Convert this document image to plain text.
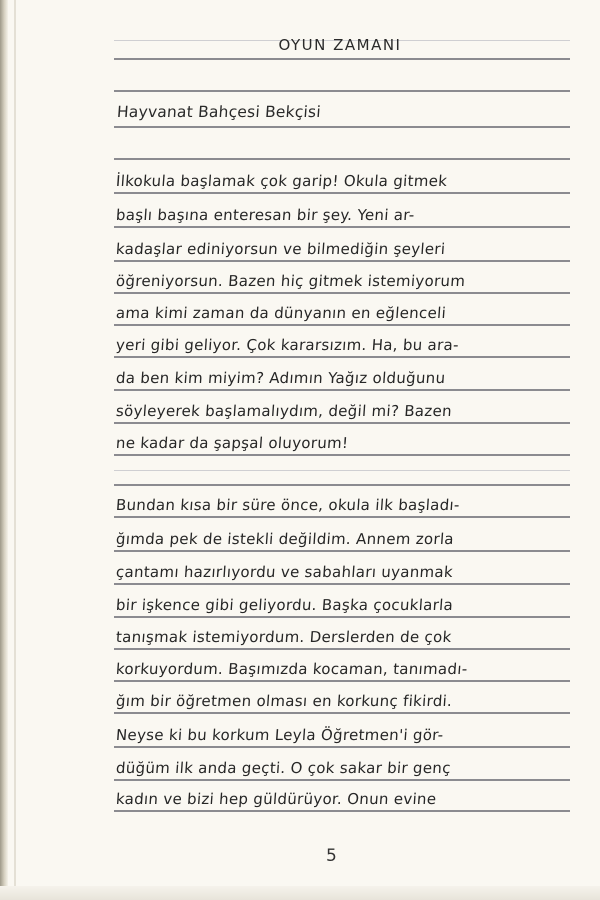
OYUN ZAMANI
Hayvanat Bahçesi Bekçisi
İlkokula başlamak çok garip! Okula gitmek
başlı başına enteresan bir şey. Yeni ar-
kadaşlar ediniyorsun ve bilmediğin şeyleri
öğreniyorsun. Bazen hiç gitmek istemiyorum
ama kimi zaman da dünyanın en eğlenceli
yeri gibi geliyor. Çok kararsızım. Ha, bu ara-
da ben kim miyim? Adımın Yağız olduğunu
söyleyerek başlamalıydım, değil mi? Bazen
ne kadar da şapşal oluyorum!
Bundan kısa bir süre önce, okula ilk başladı-
ğımda pek de istekli değildim. Annem zorla
çantamı hazırlıyordu ve sabahları uyanmak
bir işkence gibi geliyordu. Başka çocuklarla
tanışmak istemiyordum. Derslerden de çok
korkuyordum. Başımızda kocaman, tanımadı-
ğım bir öğretmen olması en korkunç fikirdi.
Neyse ki bu korkum Leyla Öğretmen'i gör-
düğüm ilk anda geçti. O çok sakar bir genç
kadın ve bizi hep güldürüyor. Onun evine
5
